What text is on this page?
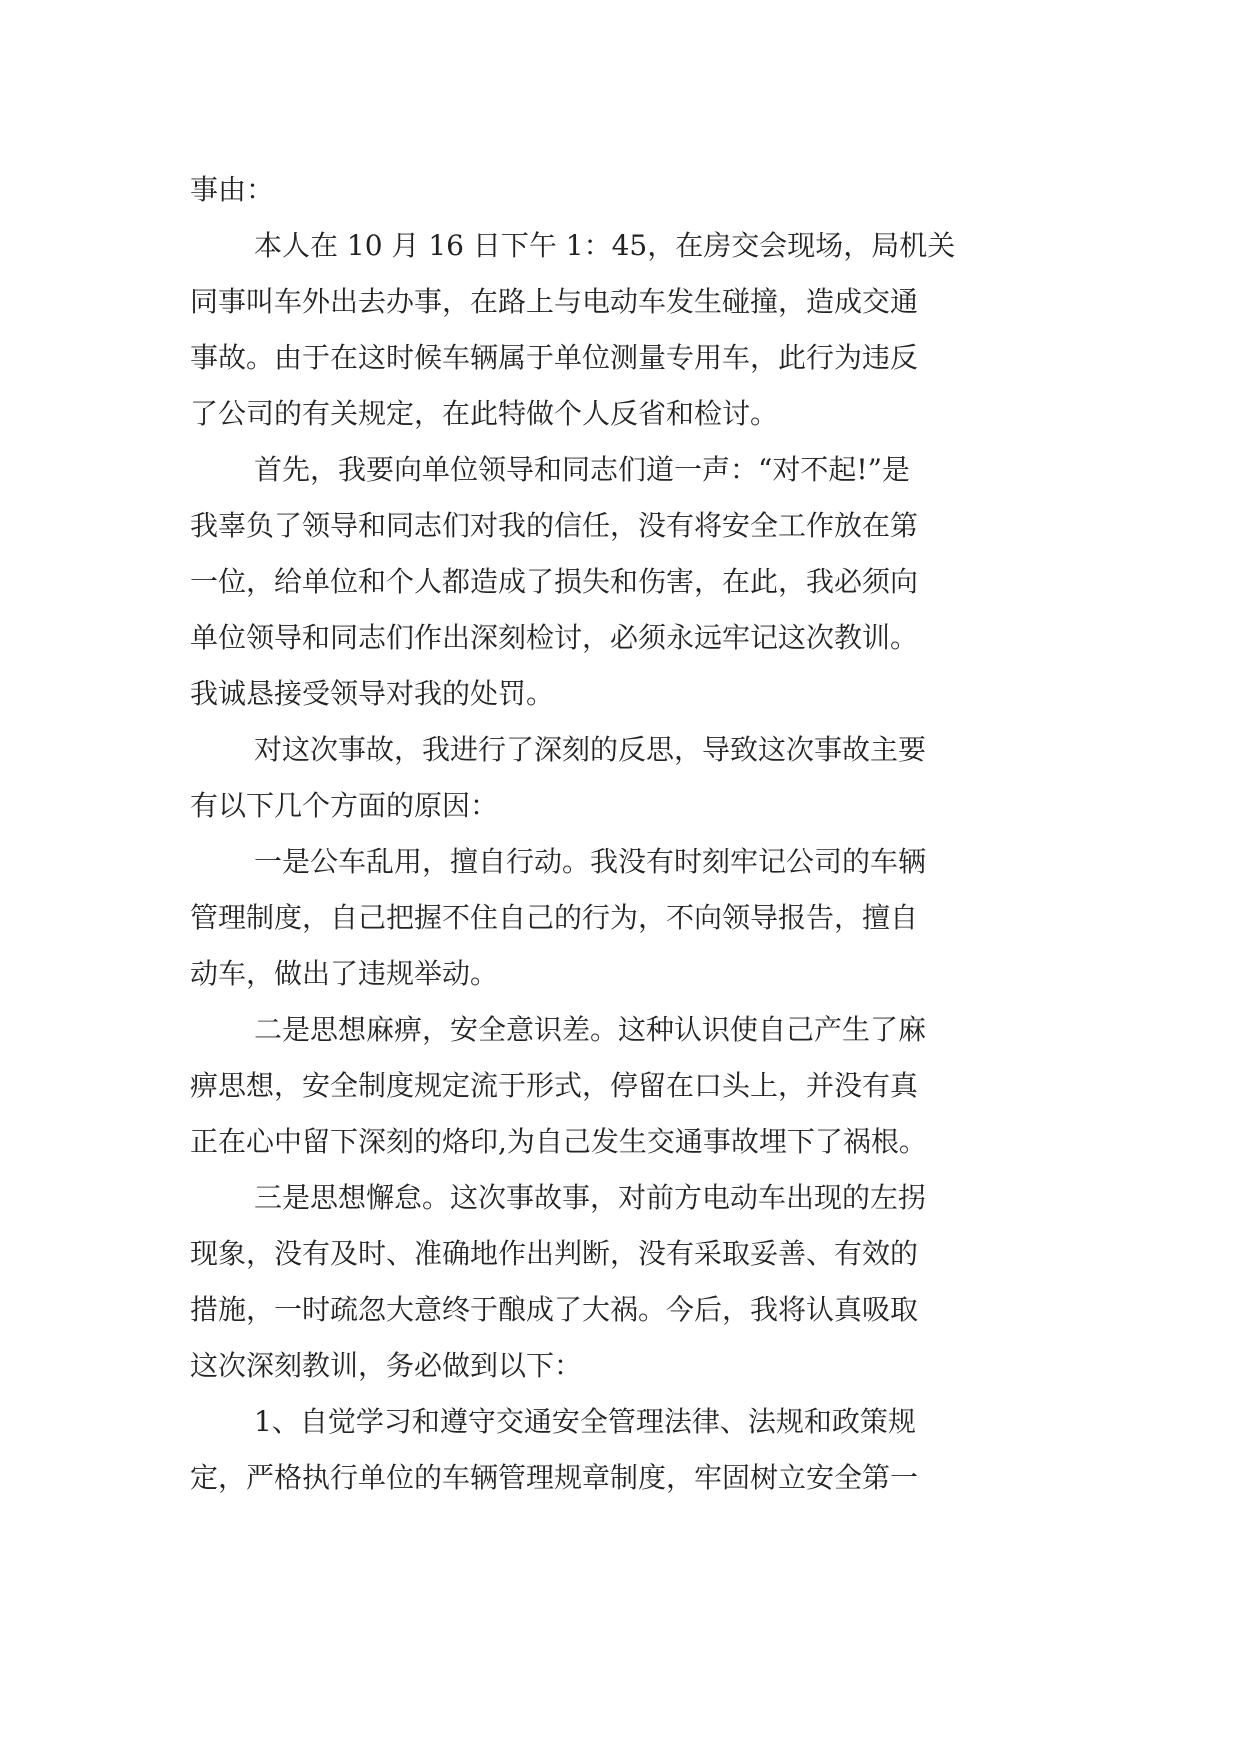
事由：
本人在 10 月 16 日下午 1：45，在房交会现场，局机关
同事叫车外出去办事，在路上与电动车发生碰撞，造成交通
事故。由于在这时候车辆属于单位测量专用车，此行为违反
了公司的有关规定，在此特做个人反省和检讨。
首先，我要向单位领导和同志们道一声：“对不起!”是
我辜负了领导和同志们对我的信任，没有将安全工作放在第
一位，给单位和个人都造成了损失和伤害，在此，我必须向
单位领导和同志们作出深刻检讨，必须永远牢记这次教训。
我诚恳接受领导对我的处罚。
对这次事故，我进行了深刻的反思，导致这次事故主要
有以下几个方面的原因：
一是公车乱用，擅自行动。我没有时刻牢记公司的车辆
管理制度，自己把握不住自己的行为，不向领导报告，擅自
动车，做出了违规举动。
二是思想麻痹，安全意识差。这种认识使自己产生了麻
痹思想，安全制度规定流于形式，停留在口头上，并没有真
正在心中留下深刻的烙印,为自己发生交通事故埋下了祸根。
三是思想懈怠。这次事故事，对前方电动车出现的左拐
现象，没有及时、准确地作出判断，没有采取妥善、有效的
措施，一时疏忽大意终于酿成了大祸。今后，我将认真吸取
这次深刻教训，务必做到以下：
1、自觉学习和遵守交通安全管理法律、法规和政策规
定，严格执行单位的车辆管理规章制度，牢固树立安全第一
